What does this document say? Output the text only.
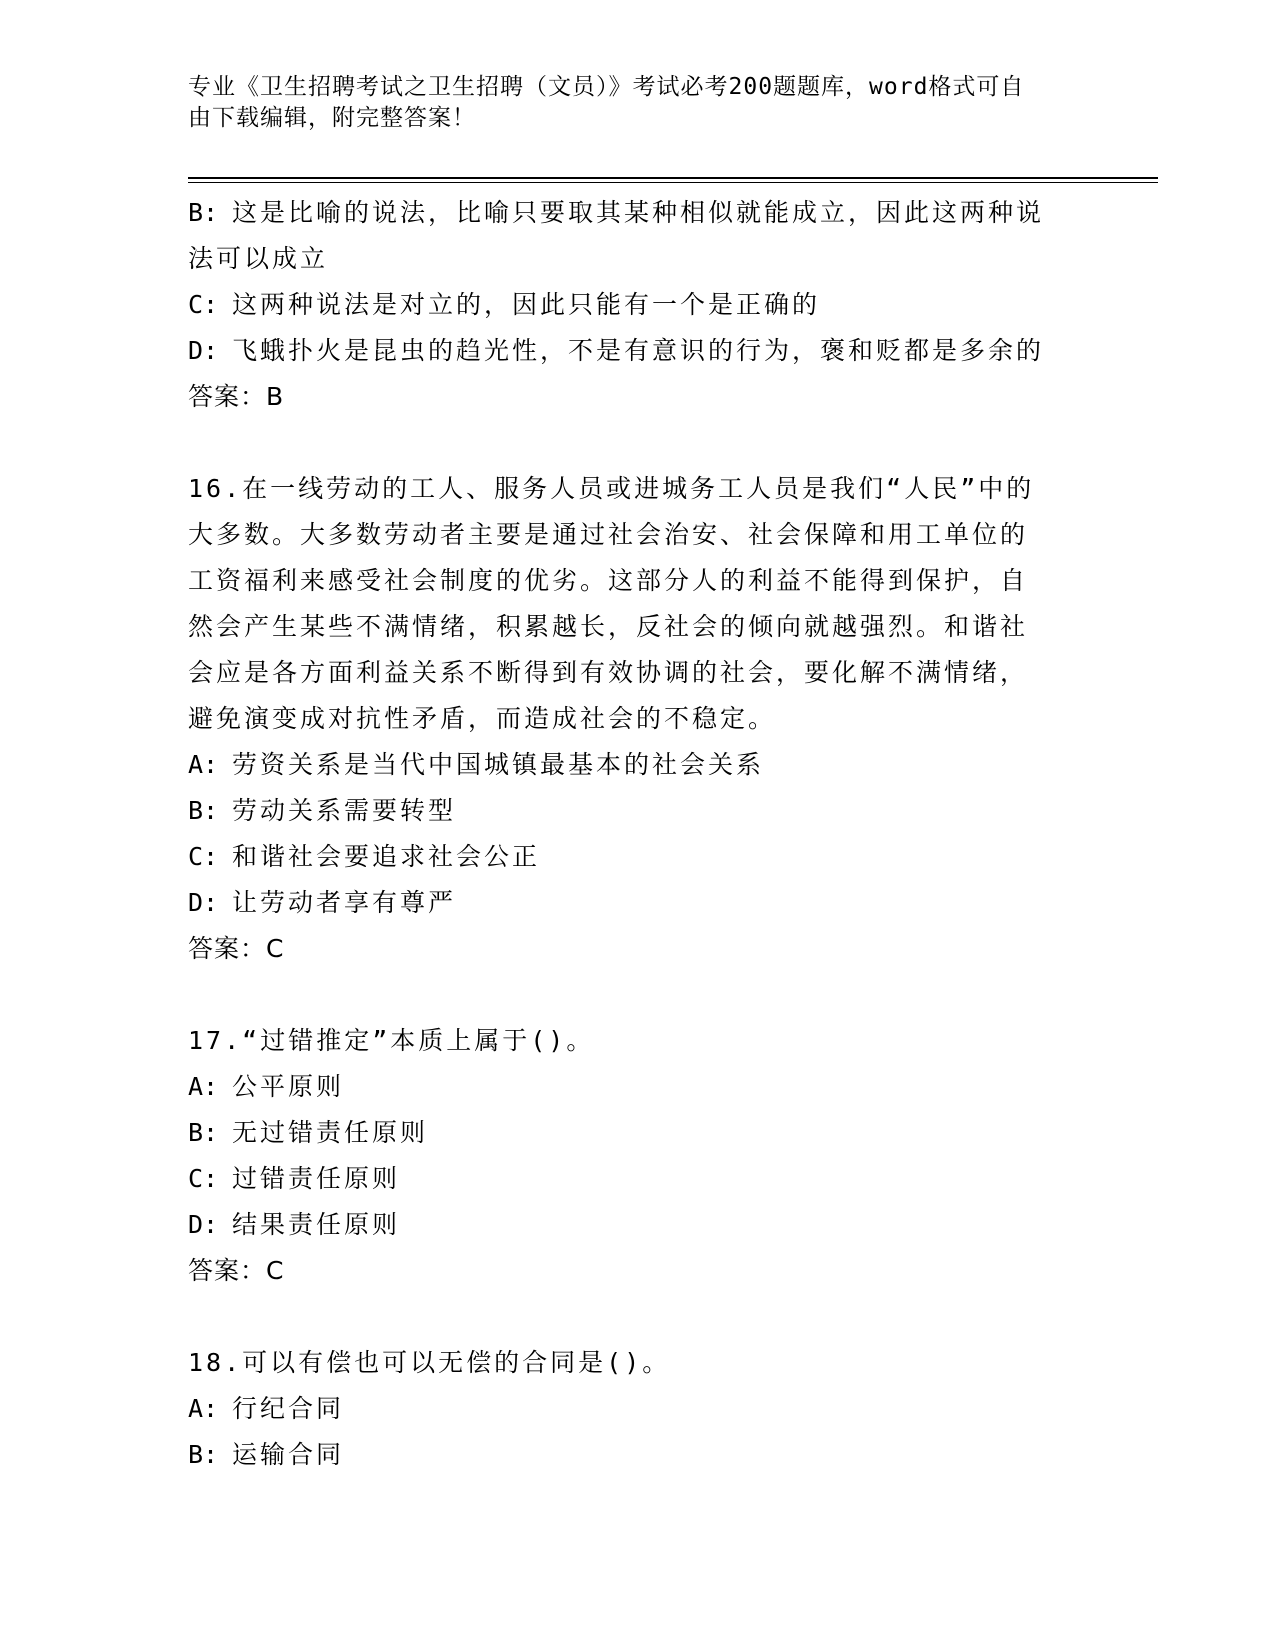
专业《卫生招聘考试之卫生招聘（文员）》考试必考200题题库，word格式可自
由下载编辑，附完整答案！
B: 这是比喻的说法，比喻只要取其某种相似就能成立，因此这两种说
法可以成立
C: 这两种说法是对立的，因此只能有一个是正确的
D: 飞蛾扑火是昆虫的趋光性，不是有意识的行为，褒和贬都是多余的
答案：B
16.在一线劳动的工人、服务人员或进城务工人员是我们“人民”中的
大多数。大多数劳动者主要是通过社会治安、社会保障和用工单位的
工资福利来感受社会制度的优劣。这部分人的利益不能得到保护，自
然会产生某些不满情绪，积累越长，反社会的倾向就越强烈。和谐社
会应是各方面利益关系不断得到有效协调的社会，要化解不满情绪，
避免演变成对抗性矛盾，而造成社会的不稳定。
A: 劳资关系是当代中国城镇最基本的社会关系
B: 劳动关系需要转型
C: 和谐社会要追求社会公正
D: 让劳动者享有尊严
答案：C
17.“过错推定”本质上属于()。
A: 公平原则
B: 无过错责任原则
C: 过错责任原则
D: 结果责任原则
答案：C
18.可以有偿也可以无偿的合同是()。
A: 行纪合同
B: 运输合同
